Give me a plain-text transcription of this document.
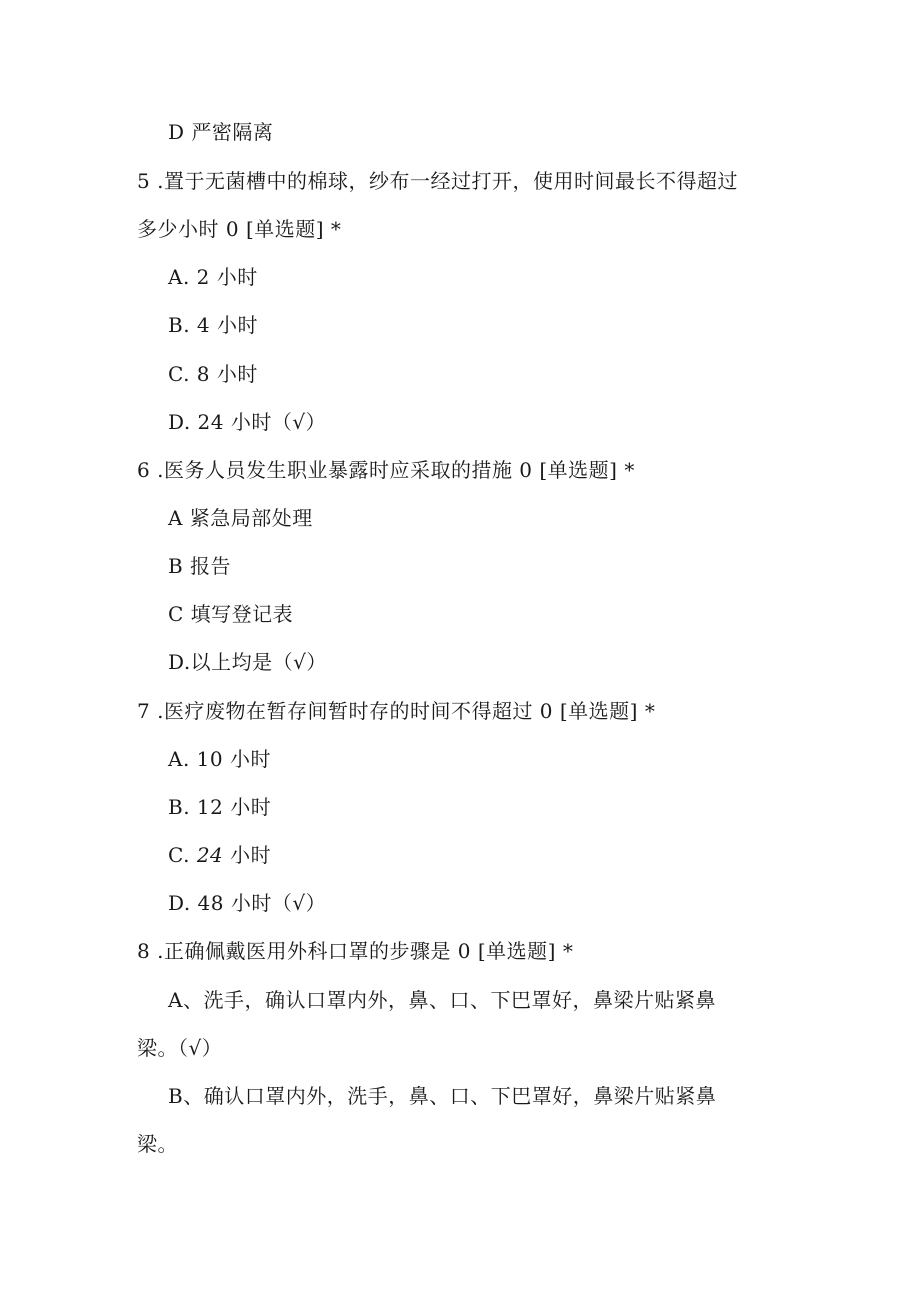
D 严密隔离
5 .置于无菌槽中的棉球，纱布一经过打开，使用时间最长不得超过
多少小时 0 [单选题] *
A. 2 小时
B. 4 小时
C. 8 小时
D. 24 小时（√）
6 .医务人员发生职业暴露时应采取的措施 0 [单选题] *
A 紧急局部处理
B 报告
C 填写登记表
D.以上均是（√）
7 .医疗废物在暂存间暂时存的时间不得超过 0 [单选题] *
A. 10 小时
B. 12 小时
C. 24 小时
D. 48 小时（√）
8 .正确佩戴医用外科口罩的步骤是 0 [单选题] *
A、洗手，确认口罩内外，鼻、口、下巴罩好，鼻梁片贴紧鼻
梁。（√）
B、确认口罩内外，洗手，鼻、口、下巴罩好，鼻梁片贴紧鼻
梁。
